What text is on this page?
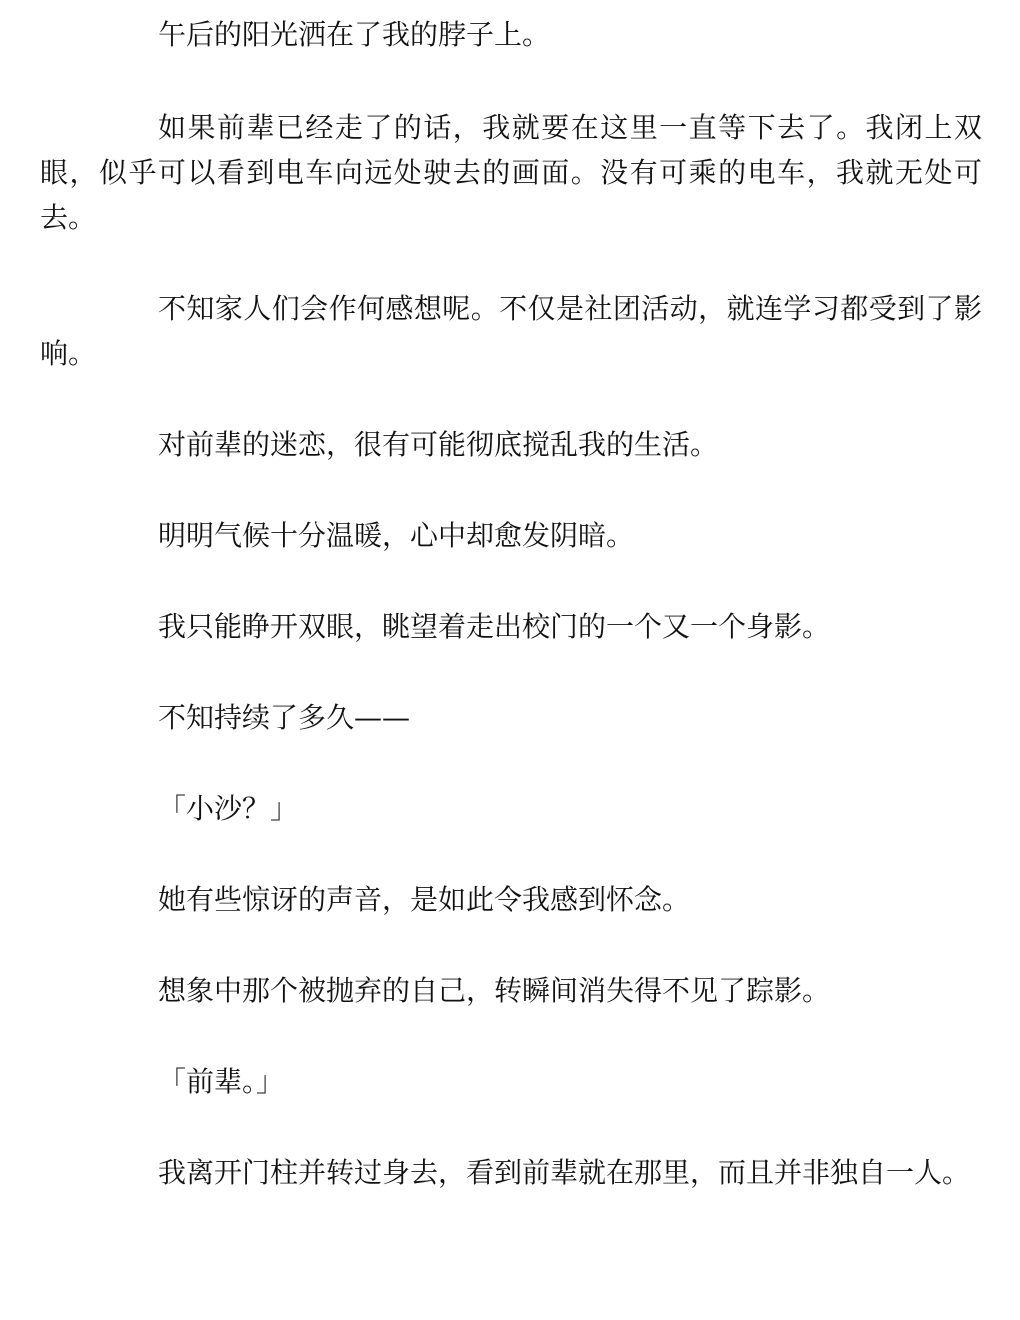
午后的阳光洒在了我的脖子上。

如果前辈已经走了的话，我就要在这里一直等下去了。我闭上双眼，似乎可以看到电车向远处驶去的画面。没有可乘的电车，我就无处可去。

不知家人们会作何感想呢。不仅是社团活动，就连学习都受到了影响。

对前辈的迷恋，很有可能彻底搅乱我的生活。

明明气候十分温暖，心中却愈发阴暗。

我只能睁开双眼，眺望着走出校门的一个又一个身影。

不知持续了多久——

「小沙？」

她有些惊讶的声音，是如此令我感到怀念。

想象中那个被抛弃的自己，转瞬间消失得不见了踪影。

「前辈。」

我离开门柱并转过身去，看到前辈就在那里，而且并非独自一人。
